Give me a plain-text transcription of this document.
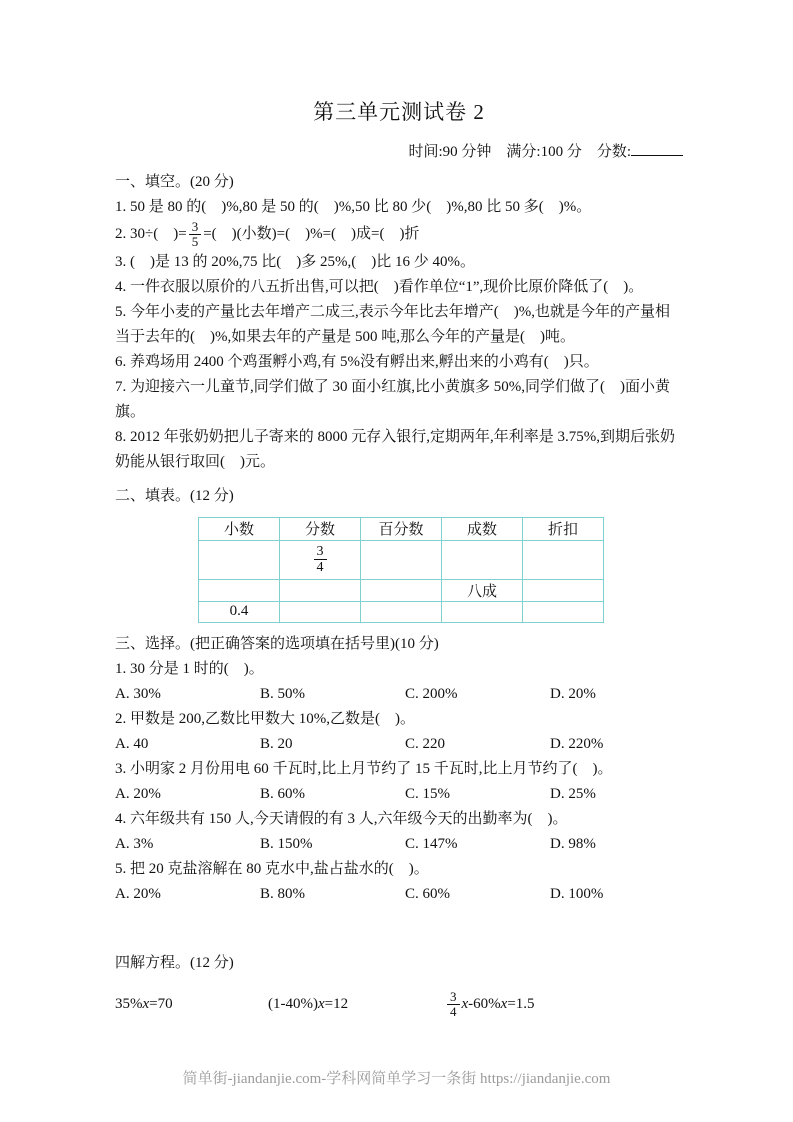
第三单元测试卷 2
时间:90 分钟　满分:100 分　分数:
一、填空。(20 分)
1. 50 是 80 的(　)%,80 是 50 的(　)%,50 比 80 少(　)%,80 比 50 多(　)%。
2. 30÷(　)= $\frac{3}{5}$ =(　)(小数)=(　)%=(　)成=(　)折
3. (　)是 13 的 20%,75 比(　)多 25%,(　)比 16 少 40%。
4. 一件衣服以原价的八五折出售,可以把(　)看作单位“1”,现价比原价降低了(　)。
5. 今年小麦的产量比去年增产二成三,表示今年比去年增产(　)%,也就是今年的产量相当于去年的(　)%,如果去年的产量是 500 吨,那么今年的产量是(　)吨。
6. 养鸡场用 2400 个鸡蛋孵小鸡,有 5%没有孵出来,孵出来的小鸡有(　)只。
7. 为迎接六一儿童节,同学们做了 30 面小红旗,比小黄旗多 50%,同学们做了(　)面小黄旗。
8. 2012 年张奶奶把儿子寄来的 8000 元存入银行,定期两年,年利率是 3.75%,到期后张奶奶能从银行取回(　)元。
二、填表。(12 分)
小数	分数	百分数	成数	折扣

	$\frac{3}{4}$

			八成	
0.4				
三、选择。(把正确答案的选项填在括号里)(10 分)
1. 30 分是 1 时的(　)。
A. 30%	B. 50%	C. 200%	D. 20%
2. 甲数是 200,乙数比甲数大 10%,乙数是(　)。
A. 40	B. 20	C. 220	D. 220%
3. 小明家 2 月份用电 60 千瓦时,比上月节约了 15 千瓦时,比上月节约了(　)。
A. 20%	B. 60%	C. 15%	D. 25%
4. 六年级共有 150 人,今天请假的有 3 人,六年级今天的出勤率为(　)。
A. 3%	B. 150%	C. 147%	D. 98%
5. 把 20 克盐溶解在 80 克水中,盐占盐水的(　)。
A. 20%	B. 80%	C. 60%	D. 100%
四解方程。(12 分)
35%x=70	(1-40%)x=12	$\frac{3}{4} x-60\%x=1.5$
简单街-jiandanjie.com-学科网简单学习一条街 https://jiandanjie.com
